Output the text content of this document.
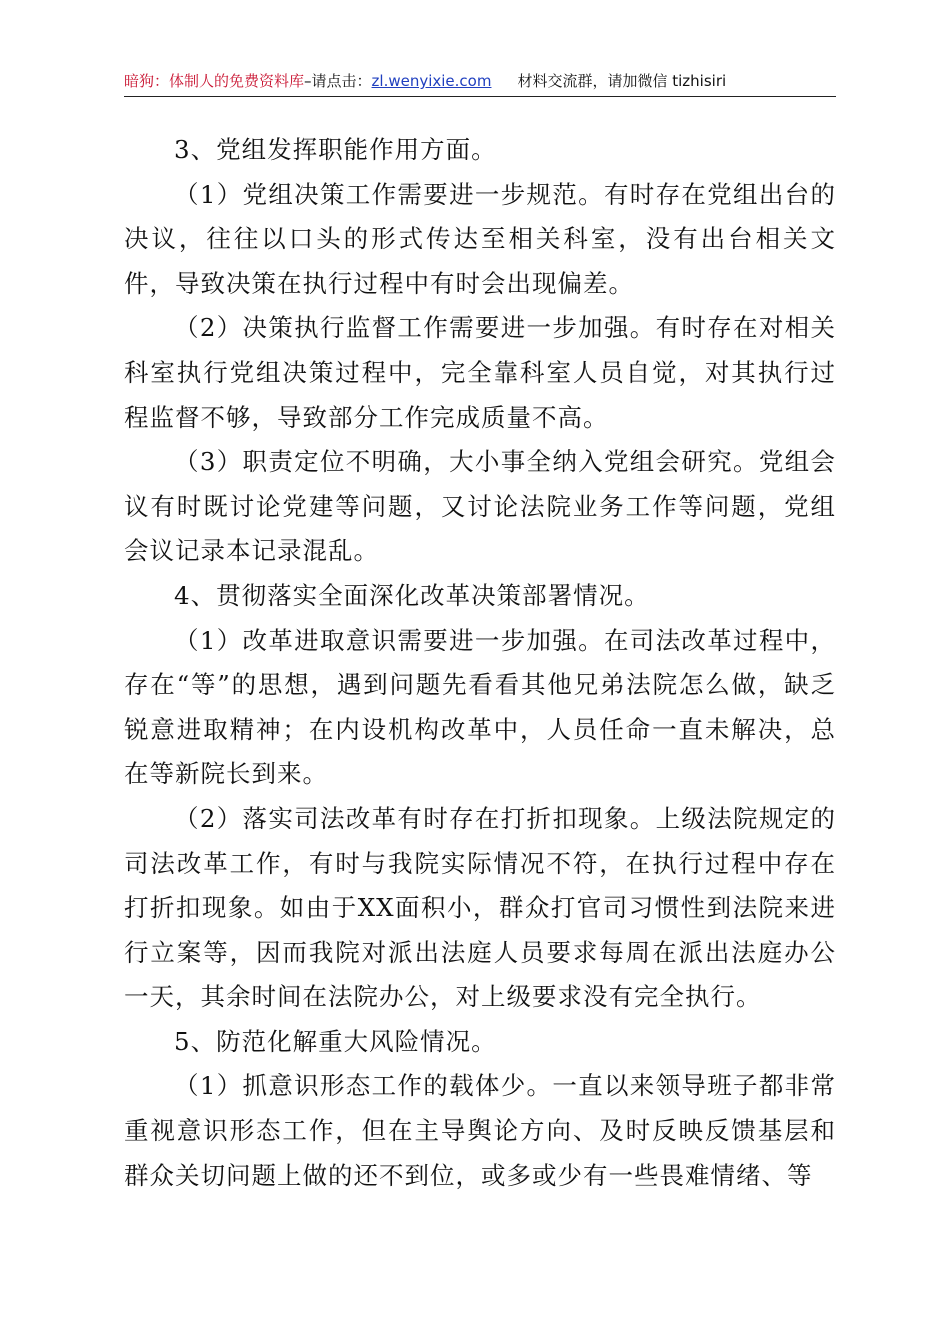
暗狗：体制人的免费资料库–请点击：zl.wenyixie.com 材料交流群，请加微信 tizhisiri

3、党组发挥职能作用方面。

（1）党组决策工作需要进一步规范。有时存在党组出台的决议，往往以口头的形式传达至相关科室，没有出台相关文件，导致决策在执行过程中有时会出现偏差。

（2）决策执行监督工作需要进一步加强。有时存在对相关科室执行党组决策过程中，完全靠科室人员自觉，对其执行过程监督不够，导致部分工作完成质量不高。

（3）职责定位不明确，大小事全纳入党组会研究。党组会议有时既讨论党建等问题，又讨论法院业务工作等问题，党组会议记录本记录混乱。

4、贯彻落实全面深化改革决策部署情况。

（1）改革进取意识需要进一步加强。在司法改革过程中，存在“等”的思想，遇到问题先看看其他兄弟法院怎么做，缺乏锐意进取精神；在内设机构改革中，人员任命一直未解决，总在等新院长到来。

（2）落实司法改革有时存在打折扣现象。上级法院规定的司法改革工作，有时与我院实际情况不符，在执行过程中存在打折扣现象。如由于XX面积小，群众打官司习惯性到法院来进行立案等，因而我院对派出法庭人员要求每周在派出法庭办公一天，其余时间在法院办公，对上级要求没有完全执行。

5、防范化解重大风险情况。

（1）抓意识形态工作的载体少。一直以来领导班子都非常重视意识形态工作，但在主导舆论方向、及时反映反馈基层和群众关切问题上做的还不到位，或多或少有一些畏难情绪、等
